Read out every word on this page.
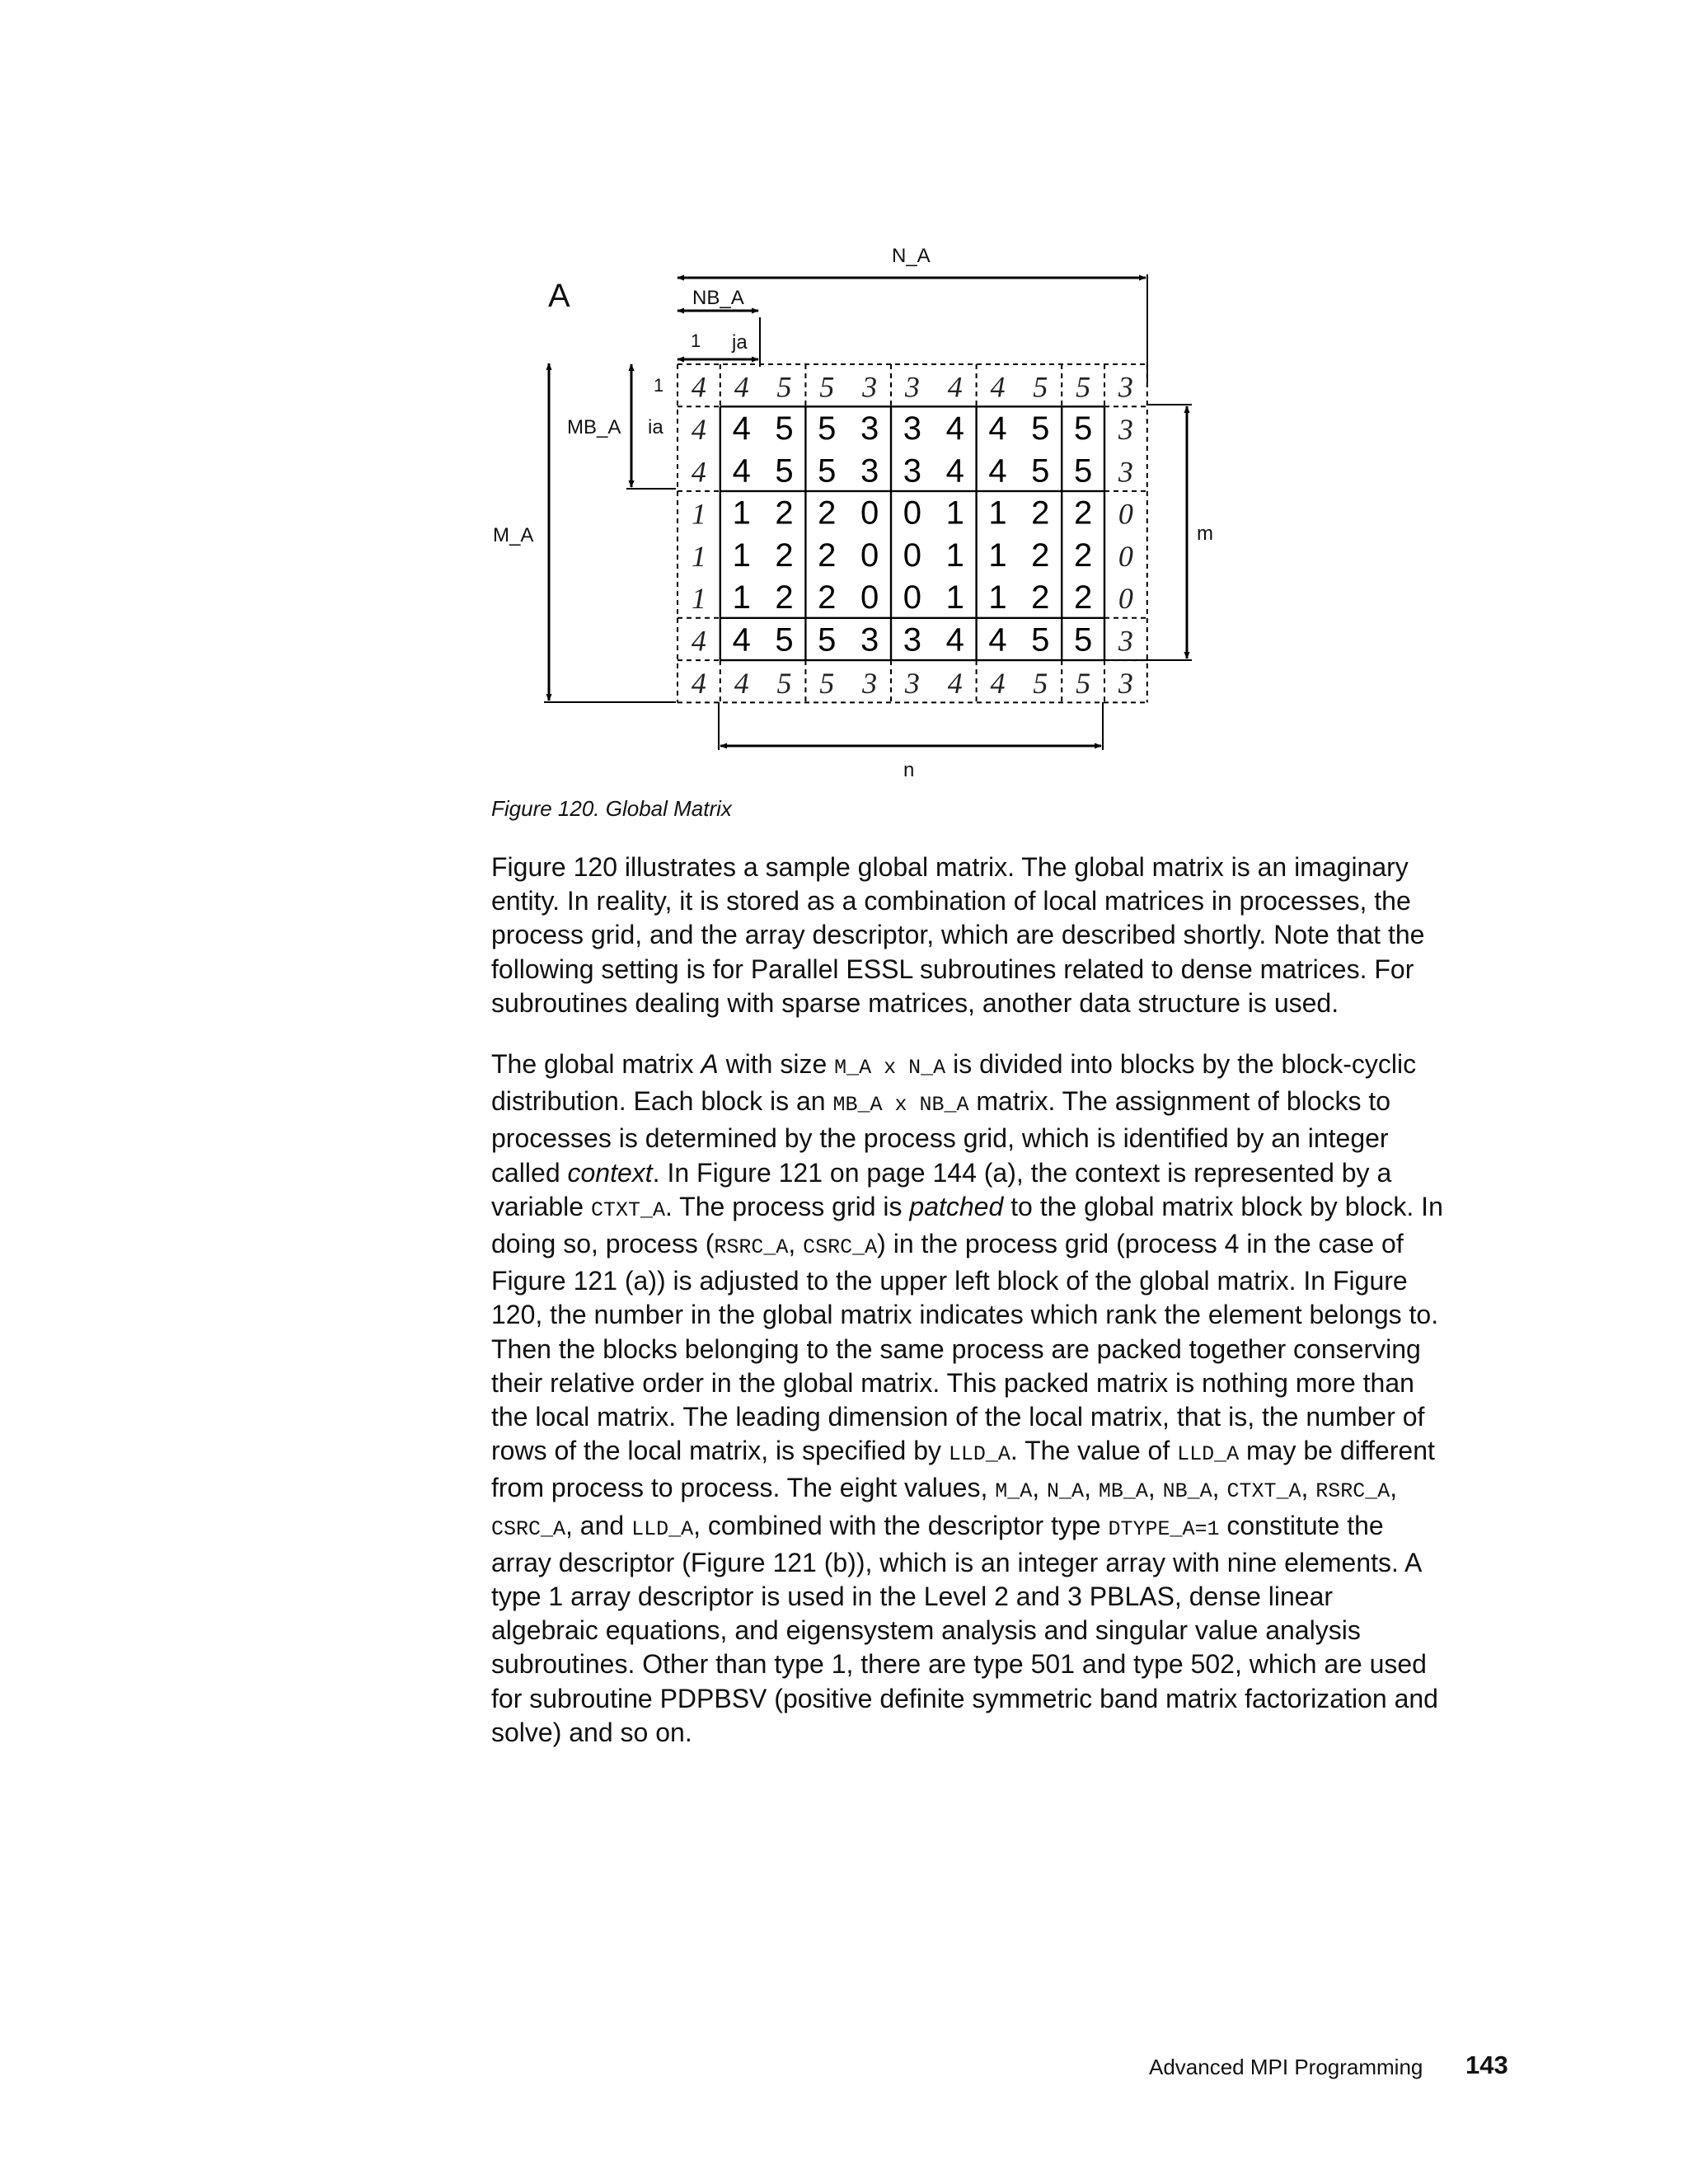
A
N_A
NB_A
1 ja
M_A
MB_A
1
ia
m
n
4 4 5 5 3 3 4 4 5 5 3
4 4 5 5 3 3 4 4 5 5 3
4 4 5 5 3 3 4 4 5 5 3
1 1 2 2 0 0 1 1 2 2 0
1 1 2 2 0 0 1 1 2 2 0
1 1 2 2 0 0 1 1 2 2 0
4 4 5 5 3 3 4 4 5 5 3
4 4 5 5 3 3 4 4 5 5 3
Figure 120. Global Matrix
Figure 120 illustrates a sample global matrix. The global matrix is an imaginary
entity. In reality, it is stored as a combination of local matrices in processes, the
process grid, and the array descriptor, which are described shortly. Note that the
following setting is for Parallel ESSL subroutines related to dense matrices. For
subroutines dealing with sparse matrices, another data structure is used.
The global matrix A with size M_A x N_A is divided into blocks by the block-cyclic
distribution. Each block is an MB_A x NB_A matrix. The assignment of blocks to
processes is determined by the process grid, which is identified by an integer
called context. In Figure 121 on page 144 (a), the context is represented by a
variable CTXT_A. The process grid is patched to the global matrix block by block. In
doing so, process (RSRC_A, CSRC_A) in the process grid (process 4 in the case of
Figure 121 (a)) is adjusted to the upper left block of the global matrix. In Figure
120, the number in the global matrix indicates which rank the element belongs to.
Then the blocks belonging to the same process are packed together conserving
their relative order in the global matrix. This packed matrix is nothing more than
the local matrix. The leading dimension of the local matrix, that is, the number of
rows of the local matrix, is specified by LLD_A. The value of LLD_A may be different
from process to process. The eight values, M_A, N_A, MB_A, NB_A, CTXT_A, RSRC_A,
CSRC_A, and LLD_A, combined with the descriptor type DTYPE_A=1 constitute the
array descriptor (Figure 121 (b)), which is an integer array with nine elements. A
type 1 array descriptor is used in the Level 2 and 3 PBLAS, dense linear
algebraic equations, and eigensystem analysis and singular value analysis
subroutines. Other than type 1, there are type 501 and type 502, which are used
for subroutine PDPBSV (positive definite symmetric band matrix factorization and
solve) and so on.
Advanced MPI Programming 143
